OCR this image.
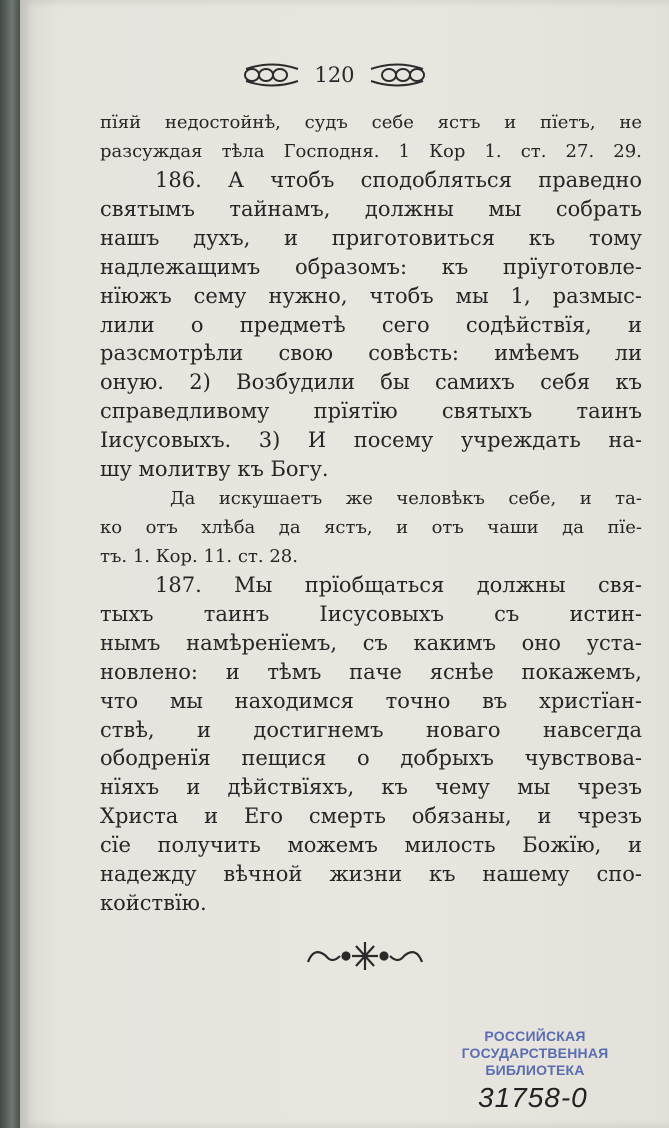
120
пїяй недостойнѣ, судъ себе ястъ и пїетъ, не
разсуждая тѣла Господня. 1 Кор 1. ст. 27. 29.
186. А чтобъ сподобляться праведно
святымъ тайнамъ, должны мы собрать
нашъ духъ, и приготовиться къ тому
надлежащимъ образомъ: къ прїуготовле-
нїюжъ сему нужно, чтобъ мы 1, размыс-
лили о предметѣ сего содѣйствїя, и
разсмотрѣли свою совѣсть: имѣемъ ли
оную. 2) Возбудили бы самихъ себя къ
справедливому прїятїю святыхъ таинъ
Іисусовыхъ. 3) И посему учреждать на-
шу молитву къ Богу.
Да искушаетъ же человѣкъ себе, и та-
ко отъ хлѣба да ястъ, и отъ чаши да пїе-
тъ. 1. Кор. 11. ст. 28.
187. Мы прїобщаться должны свя-
тыхъ таинъ Іисусовыхъ съ истин-
нымъ намѣренїемъ, съ какимъ оно уста-
новлено: и тѣмъ паче яснѣе покажемъ,
что мы находимся точно въ христїан-
ствѣ, и достигнемъ новаго навсегда
ободренїя пещися о добрыхъ чувствова-
нїяхъ и дѣйствїяхъ, къ чему мы чрезъ
Христа и Его смерть обязаны, и чрезъ
сїе получить можемъ милость Божїю, и
надежду вѣчной жизни къ нашему спо-
койствїю.
РОССИЙСКАЯ
ГОСУДАРСТВЕННАЯ
БИБЛИОТЕКА
31758-0
